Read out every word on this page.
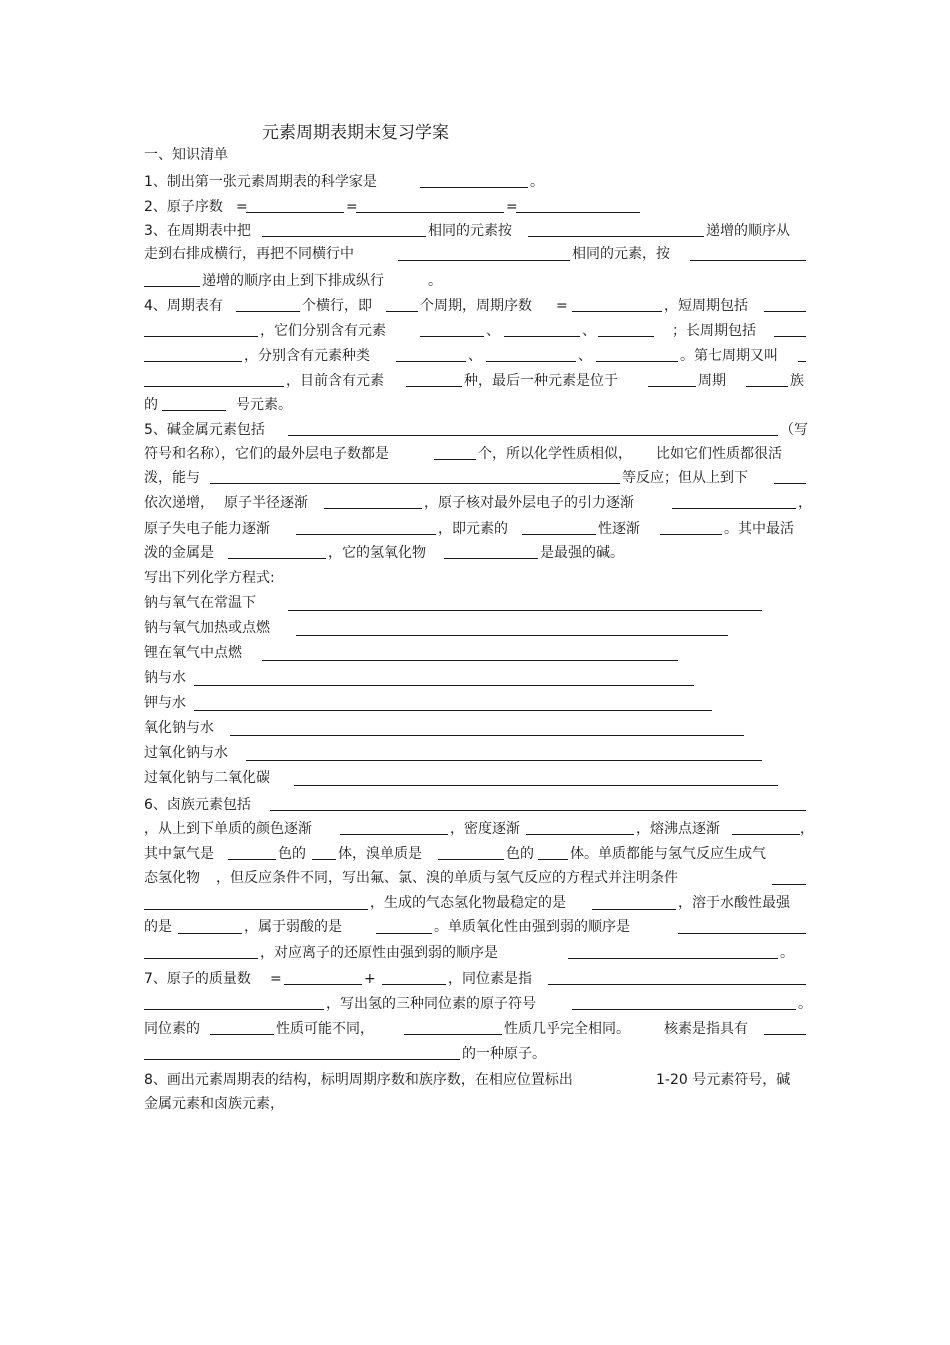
元素周期表期末复习学案
一、知识清单
1、制出第一张元素周期表的科学家是	。
2、原子序数 =	=	=
3、在周期表中把	相同的元素按	递增的顺序从
走到右排成横行，再把不同横行中	相同的元素，按
递增的顺序由上到下排成纵行	。
4、周期表有	个横行，即	个周期，周期序数 =	，短周期包括
，它们分别含有元素	、	、	；长周期包括
，分别含有元素种类	、	、	。第七周期又叫
，目前含有元素	种，最后一种元素是位于	周期	族
的	号元素。
5、碱金属元素包括	（写
符号和名称），它们的最外层电子数都是	个，所以化学性质相似， 比如它们性质都很活
泼，能与	等反应；但从上到下
依次递增， 原子半径逐渐	，原子核对最外层电子的引力逐渐	，
原子失电子能力逐渐	，即元素的	性逐渐	。其中最活
泼的金属是	，它的氢氧化物	是最强的碱。
写出下列化学方程式:
钠与氧气在常温下
钠与氧气加热或点燃
锂在氧气中点燃
钠与水
钾与水
氧化钠与水
过氧化钠与水
过氧化钠与二氧化碳
6、卤族元素包括
，从上到下单质的颜色逐渐	，密度逐渐	，熔沸点逐渐	，
其中氯气是	色的 体，溴单质是	色的	体。单质都能与氢气反应生成气
态氢化物 ，但反应条件不同，写出氟、氯、溴的单质与氢气反应的方程式并注明条件
，生成的气态氢化物最稳定的是	，溶于水酸性最强
的是	，属于弱酸的是	。单质氧化性由强到弱的顺序是
，对应离子的还原性由强到弱的顺序是	。
7、原子的质量数 =	+	，同位素是指
，写出氢的三种同位素的原子符号	。
同位素的	性质可能不同，	性质几乎完全相同。 核素是指具有
的一种原子。
8、画出元素周期表的结构，标明周期序数和族序数，在相应位置标出	1-20 号元素符号，碱
金属元素和卤族元素，
